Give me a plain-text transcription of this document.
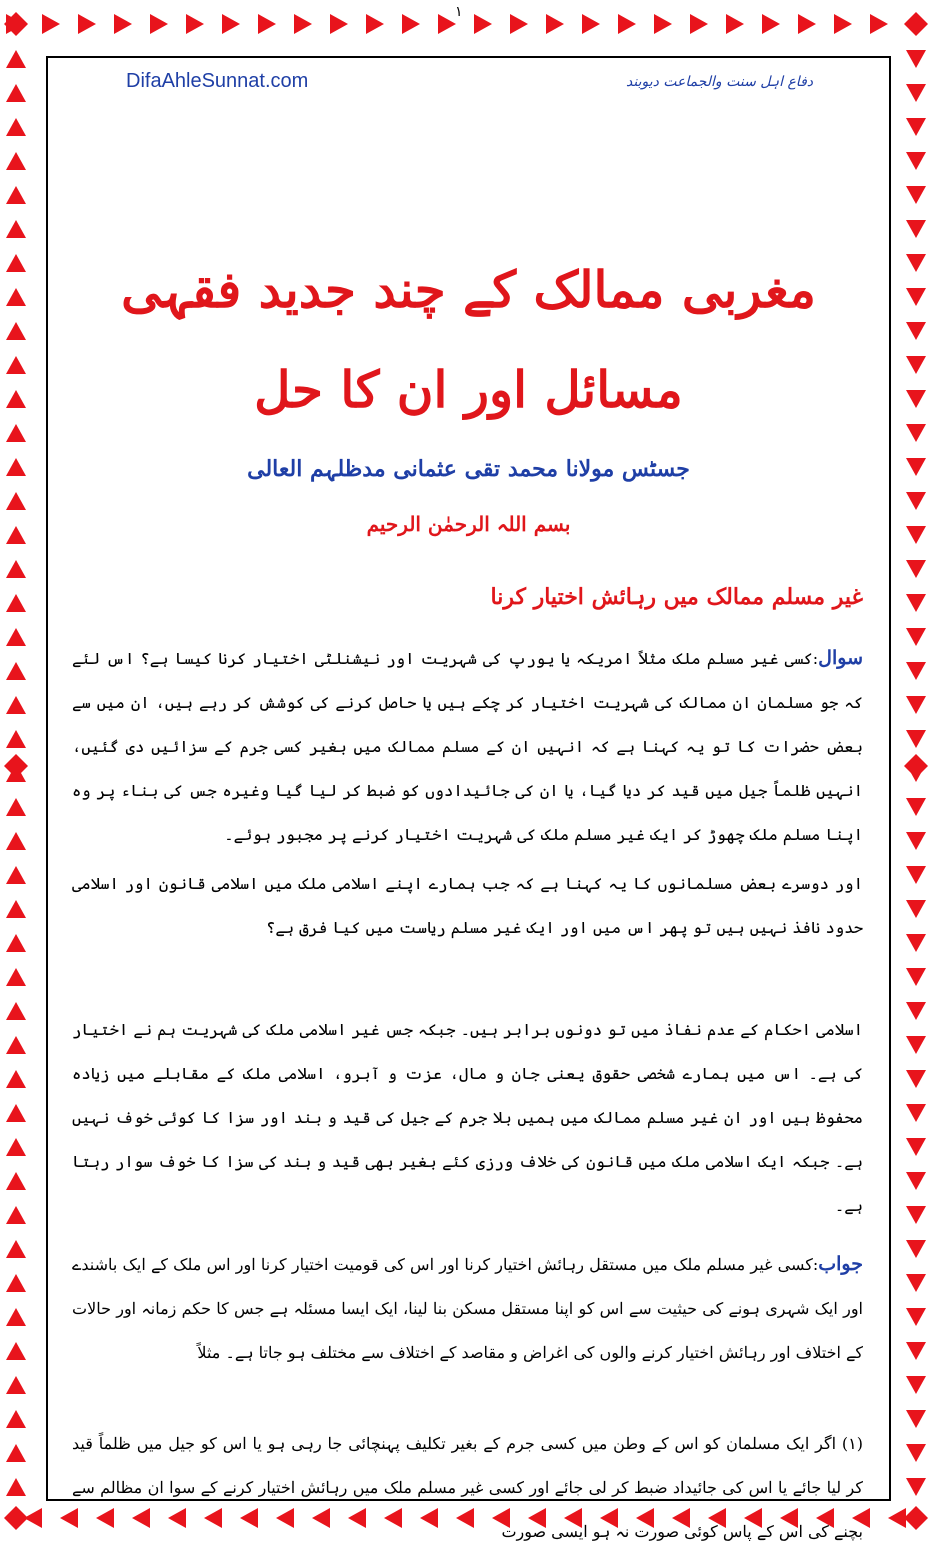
۱
DifaAhleSunnat.com	دفاع اہل سنت والجماعت دیوبند
مغربی ممالک کے چند جدید فقہی مسائل اور ان کا حل
جسٹس مولانا محمد تقی عثمانی مدظلہم العالی
بسم اللہ الرحمٰن الرحیم
غیر مسلم ممالک میں رہائش اختیار کرنا

سوال:کسی غیر مسلم ملک مثلاً امریکہ یا یورپ کی شہریت اور نیشنلٹی اختیار کرنا کیسا ہے؟ اس لئے کہ جو مسلمان ان ممالک کی شہریت اختیار کر چکے ہیں یا حاصل کرنے کی کوشش کر رہے ہیں، ان میں سے بعض حضرات کا تو یہ کہنا ہے کہ انہیں ان کے مسلم ممالک میں بغیر کسی جرم کے سزائیں دی گئیں، انہیں ظلماً جیل میں قید کر دیا گیا، یا ان کی جائیدادوں کو ضبط کر لیا گیا وغیرہ جس کی بناء پر وہ اپنا مسلم ملک چھوڑ کر ایک غیر مسلم ملک کی شہریت اختیار کرنے پر مجبور ہوئے۔

اور دوسرے بعض مسلمانوں کا یہ کہنا ہے کہ جب ہمارے اپنے اسلامی ملک میں اسلامی قانون اور اسلامی حدود نافذ نہیں ہیں تو پھر اس میں اور ایک غیر مسلم ریاست میں کیا فرق ہے؟

اسلامی احکام کے عدم نفاذ میں تو دونوں برابر ہیں۔ جبکہ جس غیر اسلامی ملک کی شہریت ہم نے اختیار کی ہے۔ اس میں ہمارے شخصی حقوق یعنی جان و مال، عزت و آبرو، اسلامی ملک کے مقابلے میں زیادہ محفوظ ہیں اور ان غیر مسلم ممالک میں ہمیں بلا جرم کے جیل کی قید و بند اور سزا کا کوئی خوف نہیں ہے۔ جبکہ ایک اسلامی ملک میں قانون کی خلاف ورزی کئے بغیر بھی قید و بند کی سزا کا خوف سوار رہتا ہے۔

جواب:کسی غیر مسلم ملک میں مستقل رہائش اختیار کرنا اور اس کی قومیت اختیار کرنا اور اس ملک کے ایک باشندے اور ایک شہری ہونے کی حیثیت سے اس کو اپنا مستقل مسکن بنا لینا، ایک ایسا مسئلہ ہے جس کا حکم زمانہ اور حالات کے اختلاف اور رہائش اختیار کرنے والوں کی اغراض و مقاصد کے اختلاف سے مختلف ہو جاتا ہے۔ مثلاً

(۱) اگر ایک مسلمان کو اس کے وطن میں کسی جرم کے بغیر تکلیف پہنچائی جا رہی ہو یا اس کو جیل میں ظلماً قید کر لیا جائے یا اس کی جائیداد ضبط کر لی جائے اور کسی غیر مسلم ملک میں رہائش اختیار کرنے کے سوا ان مظالم سے بچنے کی اس کے پاس کوئی صورت نہ ہو ایسی صورت
